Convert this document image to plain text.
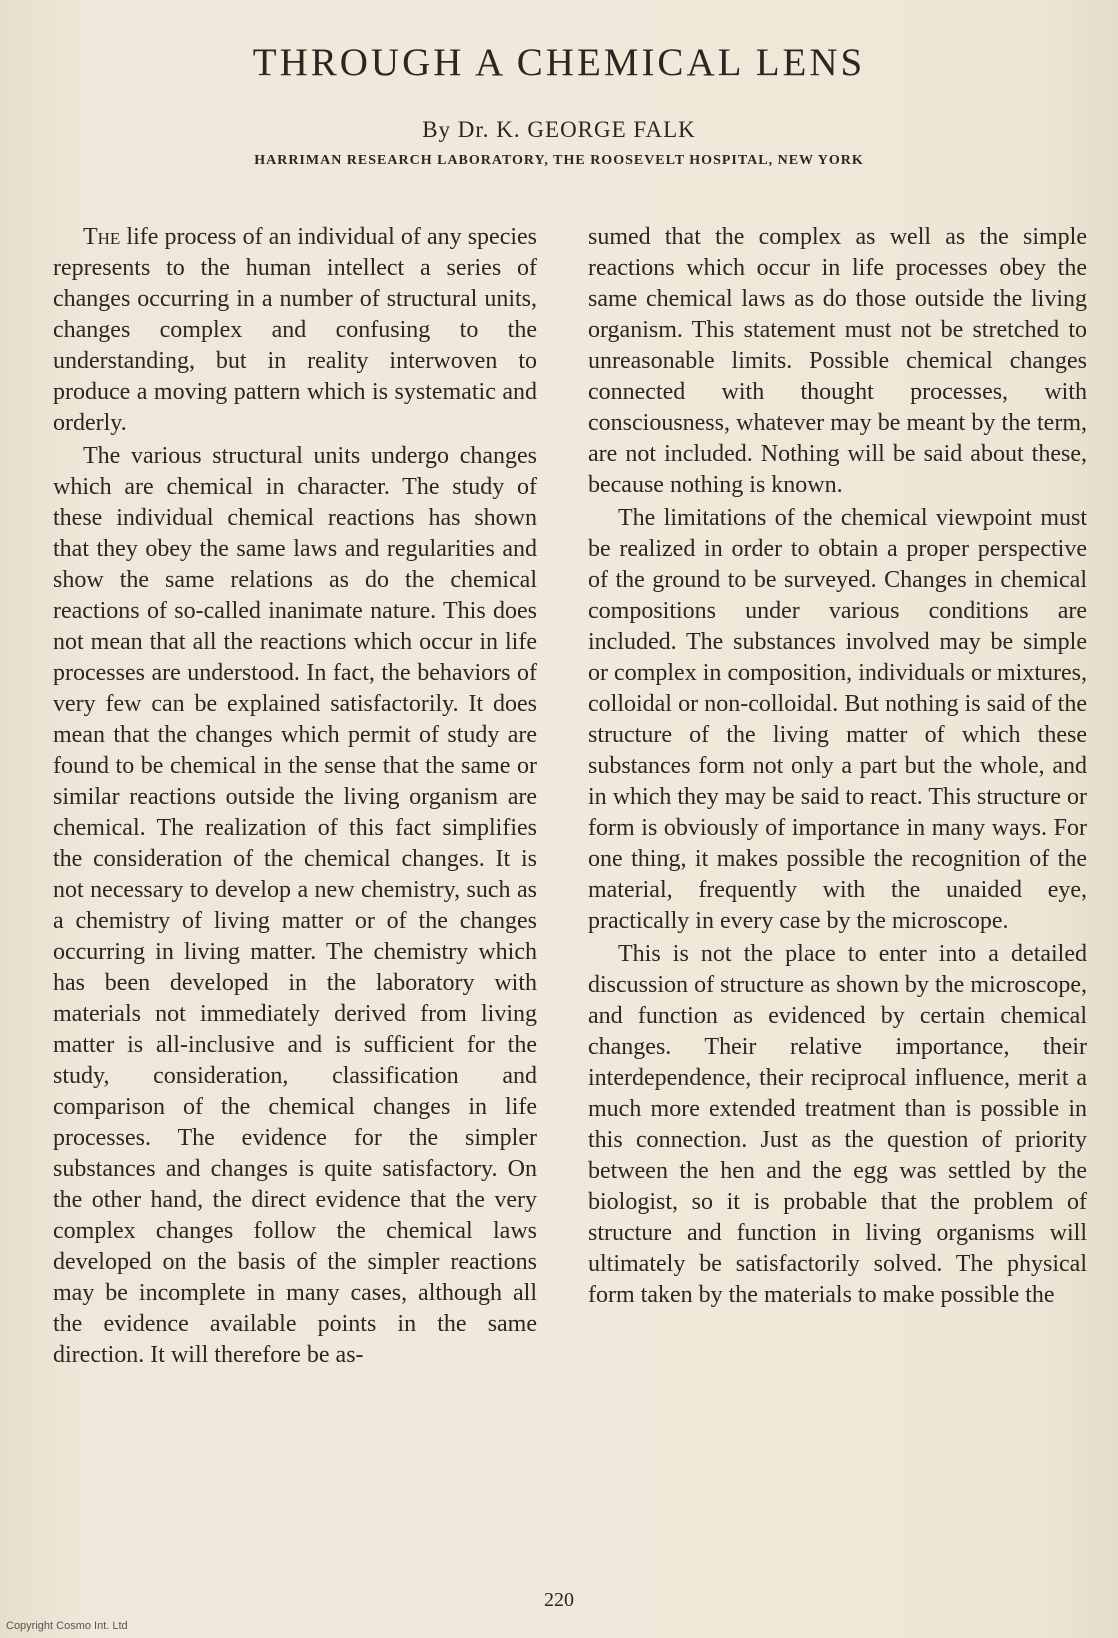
THROUGH A CHEMICAL LENS
By Dr. K. GEORGE FALK
HARRIMAN RESEARCH LABORATORY, THE ROOSEVELT HOSPITAL, NEW YORK

The life process of an individual of any species represents to the human intellect a series of changes occurring in a number of structural units, changes complex and confusing to the understanding, but in reality interwoven to produce a moving pattern which is systematic and orderly.

The various structural units undergo changes which are chemical in character. The study of these individual chemical reactions has shown that they obey the same laws and regularities and show the same relations as do the chemical reactions of so-called inanimate nature. This does not mean that all the reactions which occur in life processes are understood. In fact, the behaviors of very few can be explained satisfactorily. It does mean that the changes which permit of study are found to be chemical in the sense that the same or similar reactions outside the living organism are chemical. The realization of this fact simplifies the consideration of the chemical changes. It is not necessary to develop a new chemistry, such as a chemistry of living matter or of the changes occurring in living matter. The chemistry which has been developed in the laboratory with materials not immediately derived from living matter is all-inclusive and is sufficient for the study, consideration, classification and comparison of the chemical changes in life processes. The evidence for the simpler substances and changes is quite satisfactory. On the other hand, the direct evidence that the very complex changes follow the chemical laws developed on the basis of the simpler reactions may be incomplete in many cases, although all the evidence available points in the same direction. It will therefore be as-

sumed that the complex as well as the simple reactions which occur in life processes obey the same chemical laws as do those outside the living organism. This statement must not be stretched to unreasonable limits. Possible chemical changes connected with thought processes, with consciousness, whatever may be meant by the term, are not included. Nothing will be said about these, because nothing is known.

The limitations of the chemical viewpoint must be realized in order to obtain a proper perspective of the ground to be surveyed. Changes in chemical compositions under various conditions are included. The substances involved may be simple or complex in composition, individuals or mixtures, colloidal or non-colloidal. But nothing is said of the structure of the living matter of which these substances form not only a part but the whole, and in which they may be said to react. This structure or form is obviously of importance in many ways. For one thing, it makes possible the recognition of the material, frequently with the unaided eye, practically in every case by the microscope.

This is not the place to enter into a detailed discussion of structure as shown by the microscope, and function as evidenced by certain chemical changes. Their relative importance, their interdependence, their reciprocal influence, merit a much more extended treatment than is possible in this connection. Just as the question of priority between the hen and the egg was settled by the biologist, so it is probable that the problem of structure and function in living organisms will ultimately be satisfactorily solved. The physical form taken by the materials to make possible the

220
Copyright Cosmo Int. Ltd
